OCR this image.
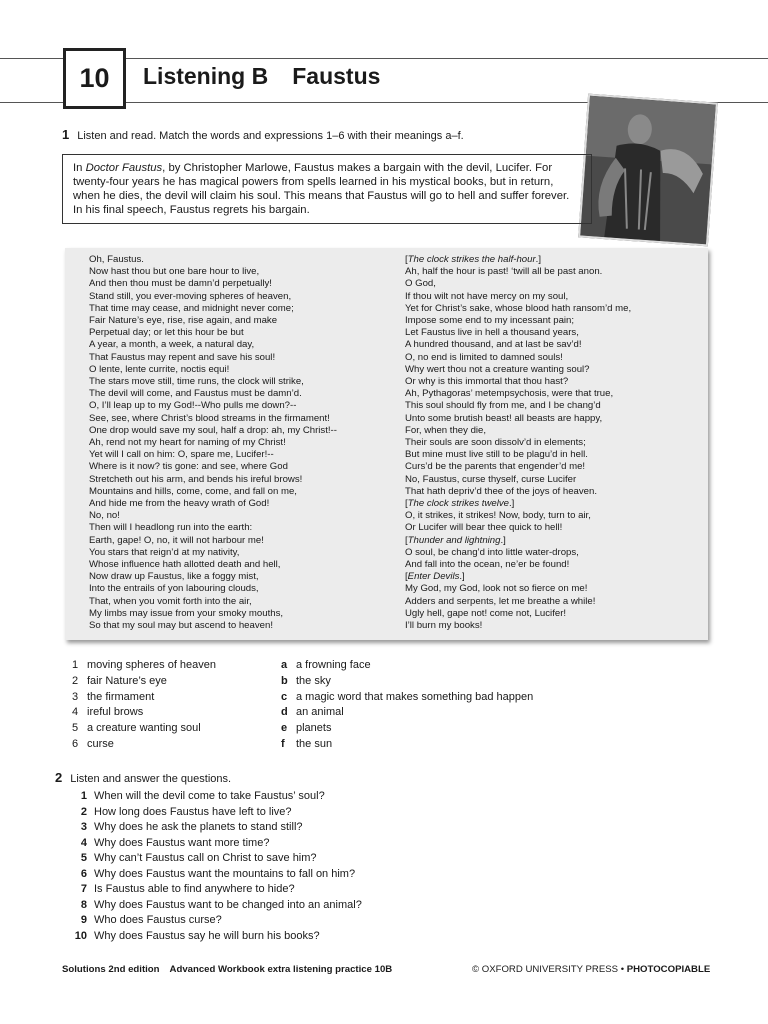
10 Listening B Faustus
1 Listen and read. Match the words and expressions 1–6 with their meanings a–f.
In Doctor Faustus, by Christopher Marlowe, Faustus makes a bargain with the devil, Lucifer. For twenty-four years he has magical powers from spells learned in his mystical books, but in return, when he dies, the devil will claim his soul. This means that Faustus will go to hell and suffer forever. In his final speech, Faustus regrets his bargain.
Oh, Faustus.
Now hast thou but one bare hour to live,
And then thou must be damn’d perpetually!
Stand still, you ever-moving spheres of heaven,
That time may cease, and midnight never come;
Fair Nature’s eye, rise, rise again, and make
Perpetual day; or let this hour be but
A year, a month, a week, a natural day,
That Faustus may repent and save his soul!
O lente, lente currite, noctis equi!
The stars move still, time runs, the clock will strike,
The devil will come, and Faustus must be damn’d.
O, I’ll leap up to my God!--Who pulls me down?--
See, see, where Christ’s blood streams in the firmament!
One drop would save my soul, half a drop: ah, my Christ!--
Ah, rend not my heart for naming of my Christ!
Yet will I call on him: O, spare me, Lucifer!--
Where is it now? tis gone: and see, where God
Stretcheth out his arm, and bends his ireful brows!
Mountains and hills, come, come, and fall on me,
And hide me from the heavy wrath of God!
No, no!
Then will I headlong run into the earth:
Earth, gape! O, no, it will not harbour me!
You stars that reign’d at my nativity,
Whose influence hath allotted death and hell,
Now draw up Faustus, like a foggy mist,
Into the entrails of yon labouring clouds,
That, when you vomit forth into the air,
My limbs may issue from your smoky mouths,
So that my soul may but ascend to heaven!
[The clock strikes the half-hour.]
Ah, half the hour is past! ‘twill all be past anon.
O God,
If thou wilt not have mercy on my soul,
Yet for Christ’s sake, whose blood hath ransom’d me,
Impose some end to my incessant pain;
Let Faustus live in hell a thousand years,
A hundred thousand, and at last be sav’d!
O, no end is limited to damned souls!
Why wert thou not a creature wanting soul?
Or why is this immortal that thou hast?
Ah, Pythagoras’ metempsychosis, were that true,
This soul should fly from me, and I be chang’d
Unto some brutish beast! all beasts are happy,
For, when they die,
Their souls are soon dissolv’d in elements;
But mine must live still to be plagu’d in hell.
Curs’d be the parents that engender’d me!
No, Faustus, curse thyself, curse Lucifer
That hath depriv’d thee of the joys of heaven.
[The clock strikes twelve.]
O, it strikes, it strikes! Now, body, turn to air,
Or Lucifer will bear thee quick to hell!
[Thunder and lightning.]
O soul, be chang’d into little water-drops,
And fall into the ocean, ne’er be found!
[Enter Devils.]
My God, my God, look not so fierce on me!
Adders and serpents, let me breathe a while!
Ugly hell, gape not! come not, Lucifer!
I’ll burn my books!
1 moving spheres of heaven
2 fair Nature’s eye
3 the firmament
4 ireful brows
5 a creature wanting soul
6 curse
a a frowning face
b the sky
c a magic word that makes something bad happen
d an animal
e planets
f the sun
2 Listen and answer the questions.
1 When will the devil come to take Faustus’ soul?
2 How long does Faustus have left to live?
3 Why does he ask the planets to stand still?
4 Why does Faustus want more time?
5 Why can’t Faustus call on Christ to save him?
6 Why does Faustus want the mountains to fall on him?
7 Is Faustus able to find anywhere to hide?
8 Why does Faustus want to be changed into an animal?
9 Who does Faustus curse?
10 Why does Faustus say he will burn his books?
Solutions 2nd edition Advanced Workbook extra listening practice 10B	© OXFORD UNIVERSITY PRESS • PHOTOCOPIABLE
